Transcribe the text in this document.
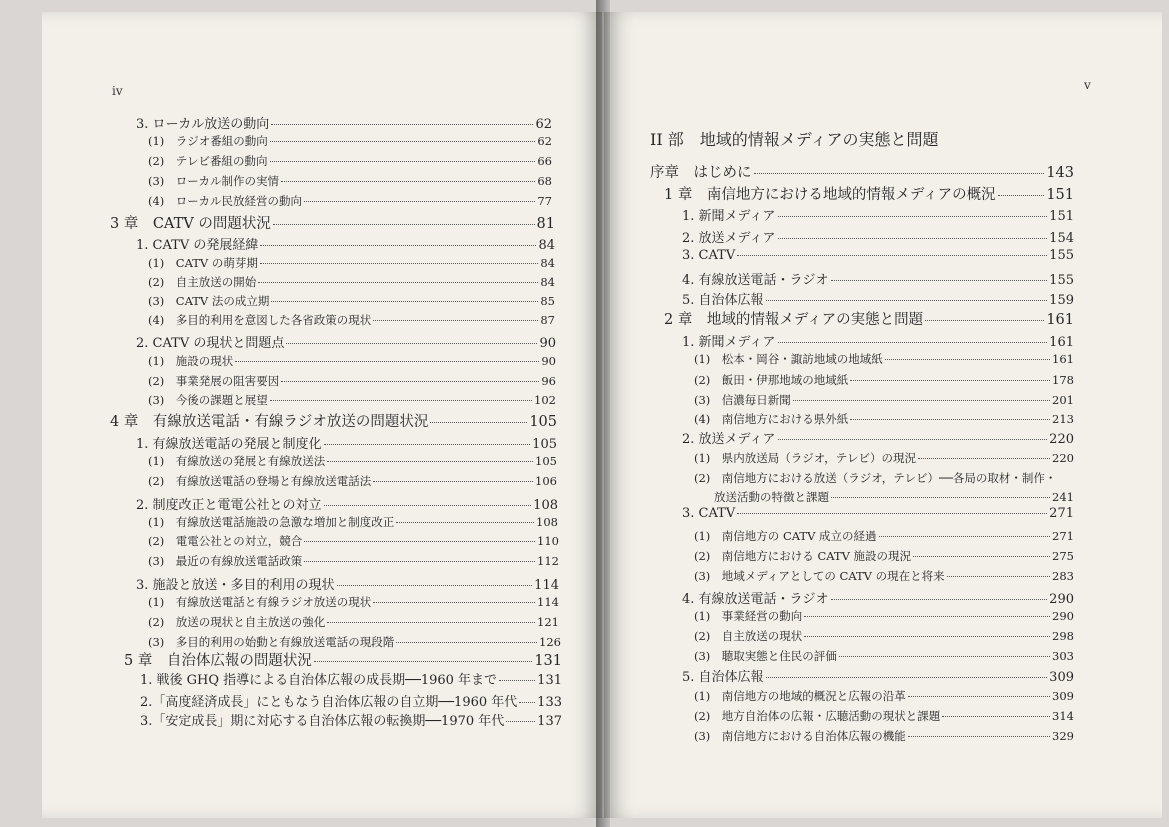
iv
3. ローカル放送の動向	62
(1)　ラジオ番組の動向	62
(2)　テレビ番組の動向	66
(3)　ローカル制作の実情	68
(4)　ローカル民放経営の動向	77
3 章　CATV の問題状況	81
1. CATV の発展経緯	84
(1)　CATV の萌芽期	84
(2)　自主放送の開始	84
(3)　CATV 法の成立期	85
(4)　多目的利用を意図した各省政策の現状	87
2. CATV の現状と問題点	90
(1)　施設の現状	90
(2)　事業発展の阻害要因	96
(3)　今後の課題と展望	102
4 章　有線放送電話・有線ラジオ放送の問題状況	105
1. 有線放送電話の発展と制度化	105
(1)　有線放送の発展と有線放送法	105
(2)　有線放送電話の登場と有線放送電話法	106
2. 制度改正と電電公社との対立	108
(1)　有線放送電話施設の急激な増加と制度改正	108
(2)　電電公社との対立，競合	110
(3)　最近の有線放送電話政策	112
3. 施設と放送・多目的利用の現状	114
(1)　有線放送電話と有線ラジオ放送の現状	114
(2)　放送の現状と自主放送の強化	121
(3)　多目的利用の始動と有線放送電話の現段階	126
5 章　自治体広報の問題状況	131
1. 戦後 GHQ 指導による自治体広報の成長期──1960 年まで	131
2.「高度経済成長」にともなう自治体広報の自立期──1960 年代 133
3.「安定成長」期に対応する自治体広報の転換期──1970 年代	137
v
II 部　地域的情報メディアの実態と問題
序章　はじめに	143
1 章　南信地方における地域的情報メディアの概況	151
1. 新聞メディア	151
2. 放送メディア	154
3. CATV	155
4. 有線放送電話・ラジオ	155
5. 自治体広報	159
2 章　地域的情報メディアの実態と問題	161
1. 新聞メディア	161
(1)　松本・岡谷・諏訪地域の地域紙	161
(2)　飯田・伊那地域の地域紙	178
(3)　信濃毎日新聞	201
(4)　南信地方における県外紙	213
2. 放送メディア	220
(1)　県内放送局（ラジオ，テレビ）の現況	220
(2)　南信地方における放送（ラジオ，テレビ）──各局の取材・制作・
放送活動の特徴と課題	241
3. CATV	271
(1)　南信地方の CATV 成立の経過	271
(2)　南信地方における CATV 施設の現況	275
(3)　地域メディアとしての CATV の現在と将来	283
4. 有線放送電話・ラジオ	290
(1)　事業経営の動向	290
(2)　自主放送の現状	298
(3)　聴取実態と住民の評価	303
5. 自治体広報	309
(1)　南信地方の地域的概況と広報の沿革	309
(2)　地方自治体の広報・広聴活動の現状と課題	314
(3)　南信地方における自治体広報の機能	329
